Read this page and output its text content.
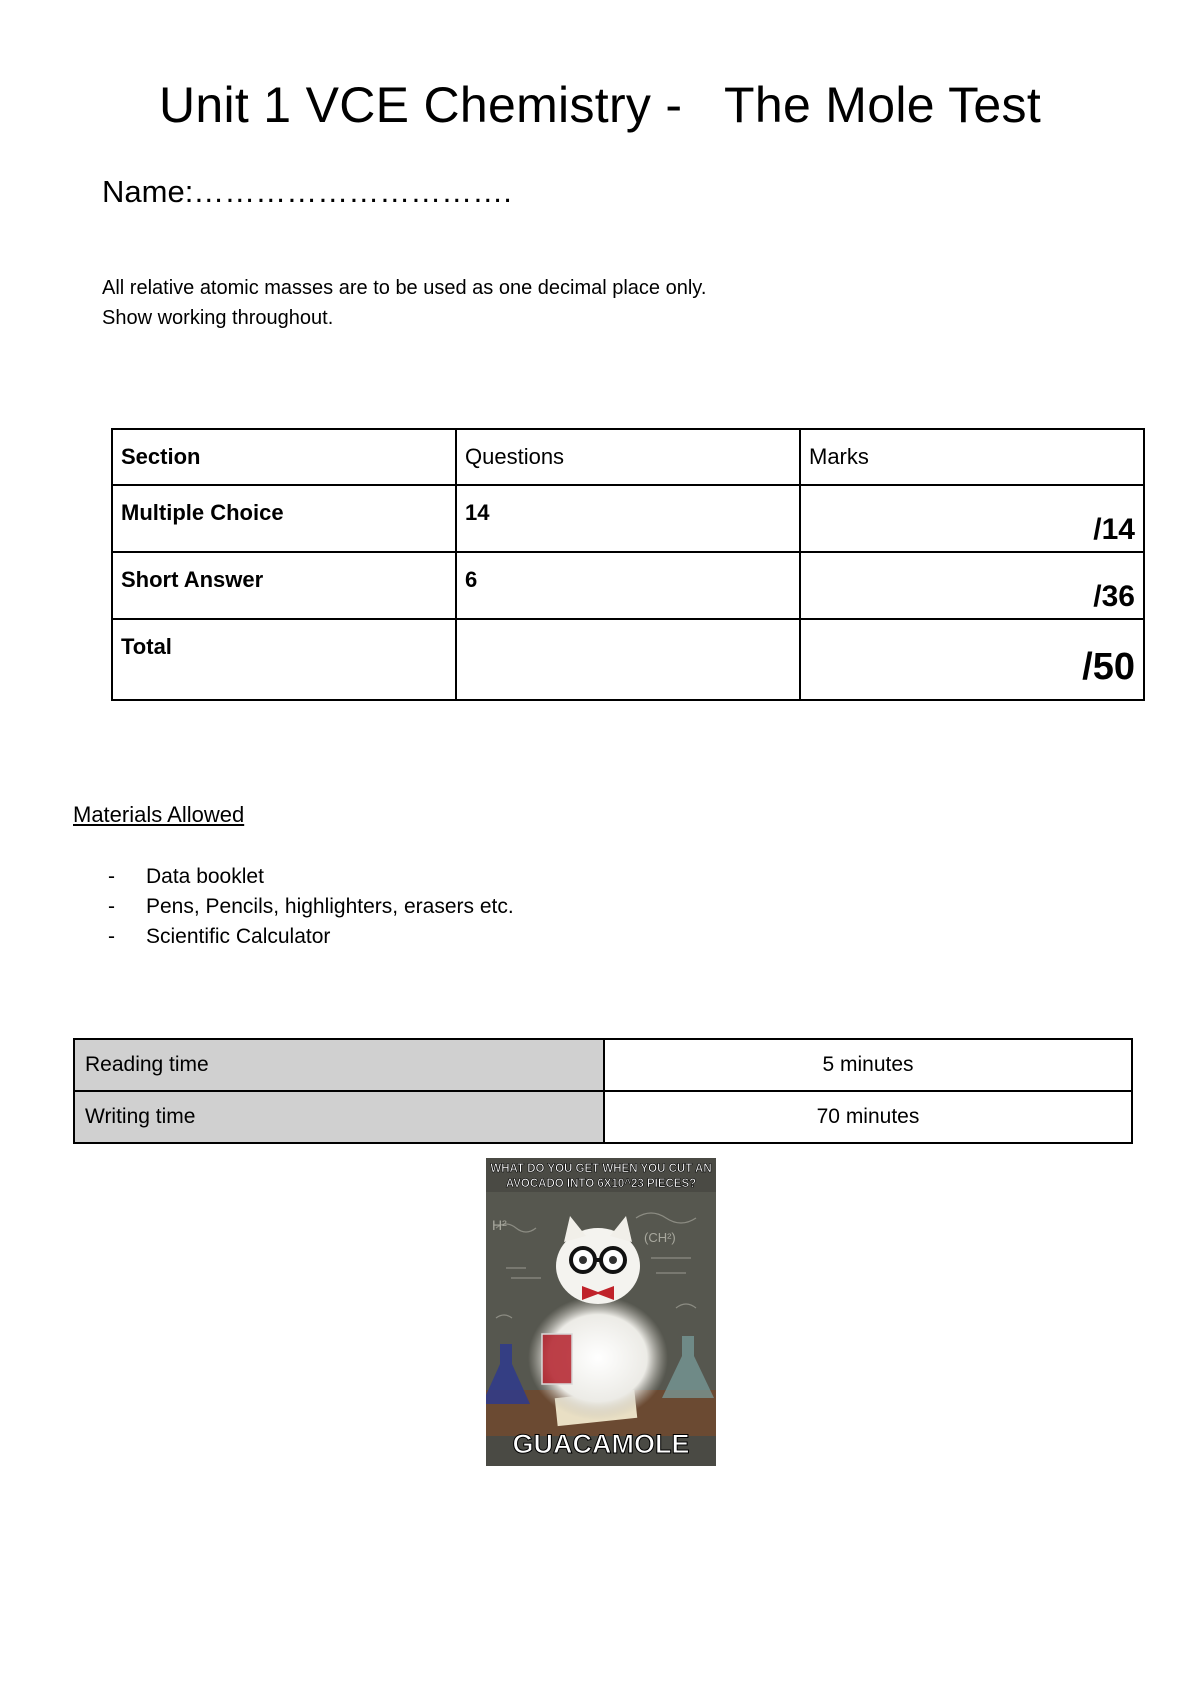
Unit 1 VCE Chemistry -   The Mole Test
Name:………………………….
All relative atomic masses are to be used as one decimal place only.
Show working throughout.
Section	Questions	Marks
Multiple Choice	14	/14
Short Answer	6	/36
Total		/50
Materials Allowed
-	Data booklet
-	Pens, Pencils, highlighters, erasers etc.
-	Scientific Calculator
Reading time	5 minutes
Writing time	70 minutes
H²
(CH²)
WHAT DO YOU GET WHEN YOU CUT AN
AVOCADO INTO 6X10^23 PIECES?
GUACAMOLE
